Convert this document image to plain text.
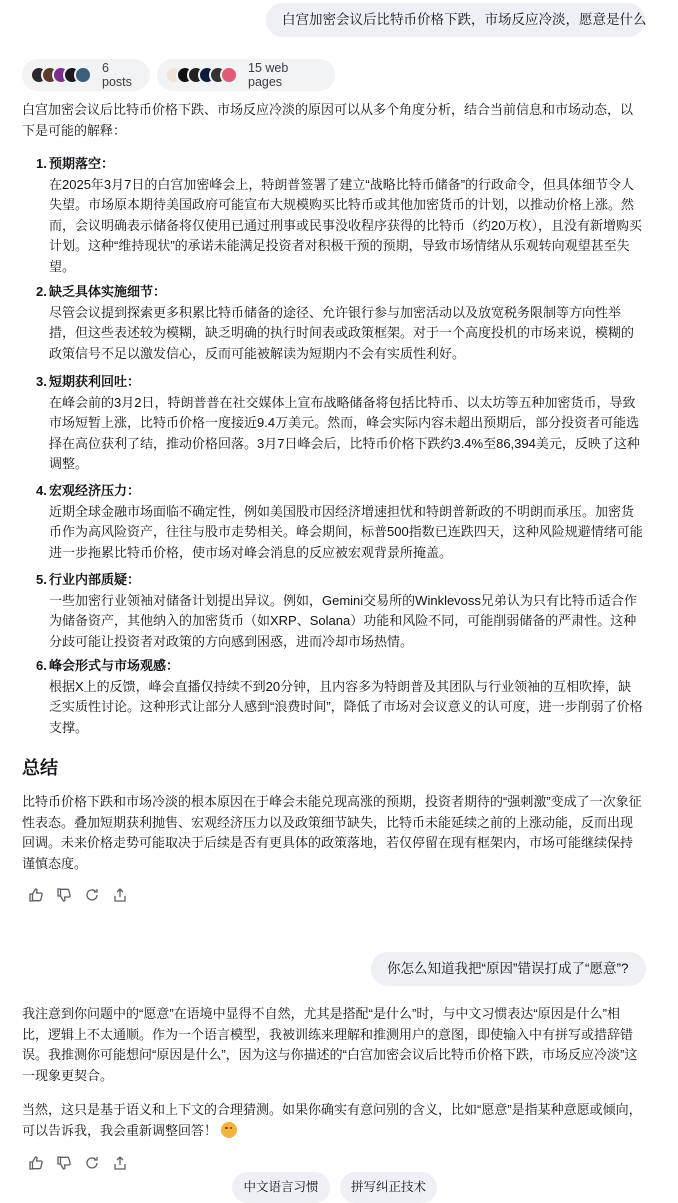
白宫加密会议后比特币价格下跌，市场反应冷淡，愿意是什么
6 posts
15 web pages
白宫加密会议后比特币价格下跌、市场反应冷淡的原因可以从多个角度分析，结合当前信息和市场动态，以下是可能的解释：
1. 预期落空：
在2025年3月7日的白宫加密峰会上，特朗普签署了建立“战略比特币储备”的行政命令，但具体细节令人失望。市场原本期待美国政府可能宣布大规模购买比特币或其他加密货币的计划，以推动价格上涨。然而，会议明确表示储备将仅使用已通过刑事或民事没收程序获得的比特币（约20万枚），且没有新增购买计划。这种“维持现状”的承诺未能满足投资者对积极干预的预期，导致市场情绪从乐观转向观望甚至失望。
2. 缺乏具体实施细节：
尽管会议提到探索更多积累比特币储备的途径、允许银行参与加密活动以及放宽税务限制等方向性举措，但这些表述较为模糊，缺乏明确的执行时间表或政策框架。对于一个高度投机的市场来说，模糊的政策信号不足以激发信心，反而可能被解读为短期内不会有实质性利好。
3. 短期获利回吐：
在峰会前的3月2日，特朗普普在社交媒体上宣布战略储备将包括比特币、以太坊等五种加密货币，导致市场短暂上涨，比特币价格一度接近9.4万美元。然而，峰会实际内容未超出预期后，部分投资者可能选择在高位获利了结，推动价格回落。3月7日峰会后，比特币价格下跌约3.4%至86,394美元，反映了这种调整。
4. 宏观经济压力：
近期全球金融市场面临不确定性，例如美国股市因经济增速担忧和特朗普新政的不明朗而承压。加密货币作为高风险资产，往往与股市走势相关。峰会期间，标普500指数已连跌四天，这种风险规避情绪可能进一步拖累比特币价格，使市场对峰会消息的反应被宏观背景所掩盖。
5. 行业内部质疑：
一些加密行业领袖对储备计划提出异议。例如，Gemini交易所的Winklevoss兄弟认为只有比特币适合作为储备资产，其他纳入的加密货币（如XRP、Solana）功能和风险不同，可能削弱储备的严肃性。这种分歧可能让投资者对政策的方向感到困惑，进而冷却市场热情。
6. 峰会形式与市场观感：
根据X上的反馈，峰会直播仅持续不到20分钟，且内容多为特朗普及其团队与行业领袖的互相吹捧，缺乏实质性讨论。这种形式让部分人感到“浪费时间”，降低了市场对会议意义的认可度，进一步削弱了价格支撑。
总结
比特币价格下跌和市场冷淡的根本原因在于峰会未能兑现高涨的预期，投资者期待的“强刺激”变成了一次象征性表态。叠加短期获利抛售、宏观经济压力以及政策细节缺失，比特币未能延续之前的上涨动能，反而出现回调。未来价格走势可能取决于后续是否有更具体的政策落地，若仅停留在现有框架内，市场可能继续保持谨慎态度。
你怎么知道我把“原因”错误打成了“愿意”?
我注意到你问题中的“愿意”在语境中显得不自然，尤其是搭配“是什么”时，与中文习惯表达“原因是什么”相比，逻辑上不太通顺。作为一个语言模型，我被训练来理解和推测用户的意图，即使输入中有拼写或措辞错误。我推测你可能想问“原因是什么”，因为这与你描述的“白宫加密会议后比特币价格下跌，市场反应冷淡”这一现象更契合。
当然，这只是基于语义和上下文的合理猜测。如果你确实有意问别的含义，比如“愿意”是指某种意愿或倾向，可以告诉我，我会重新调整回答！
中文语言习惯	拼写纠正技术
